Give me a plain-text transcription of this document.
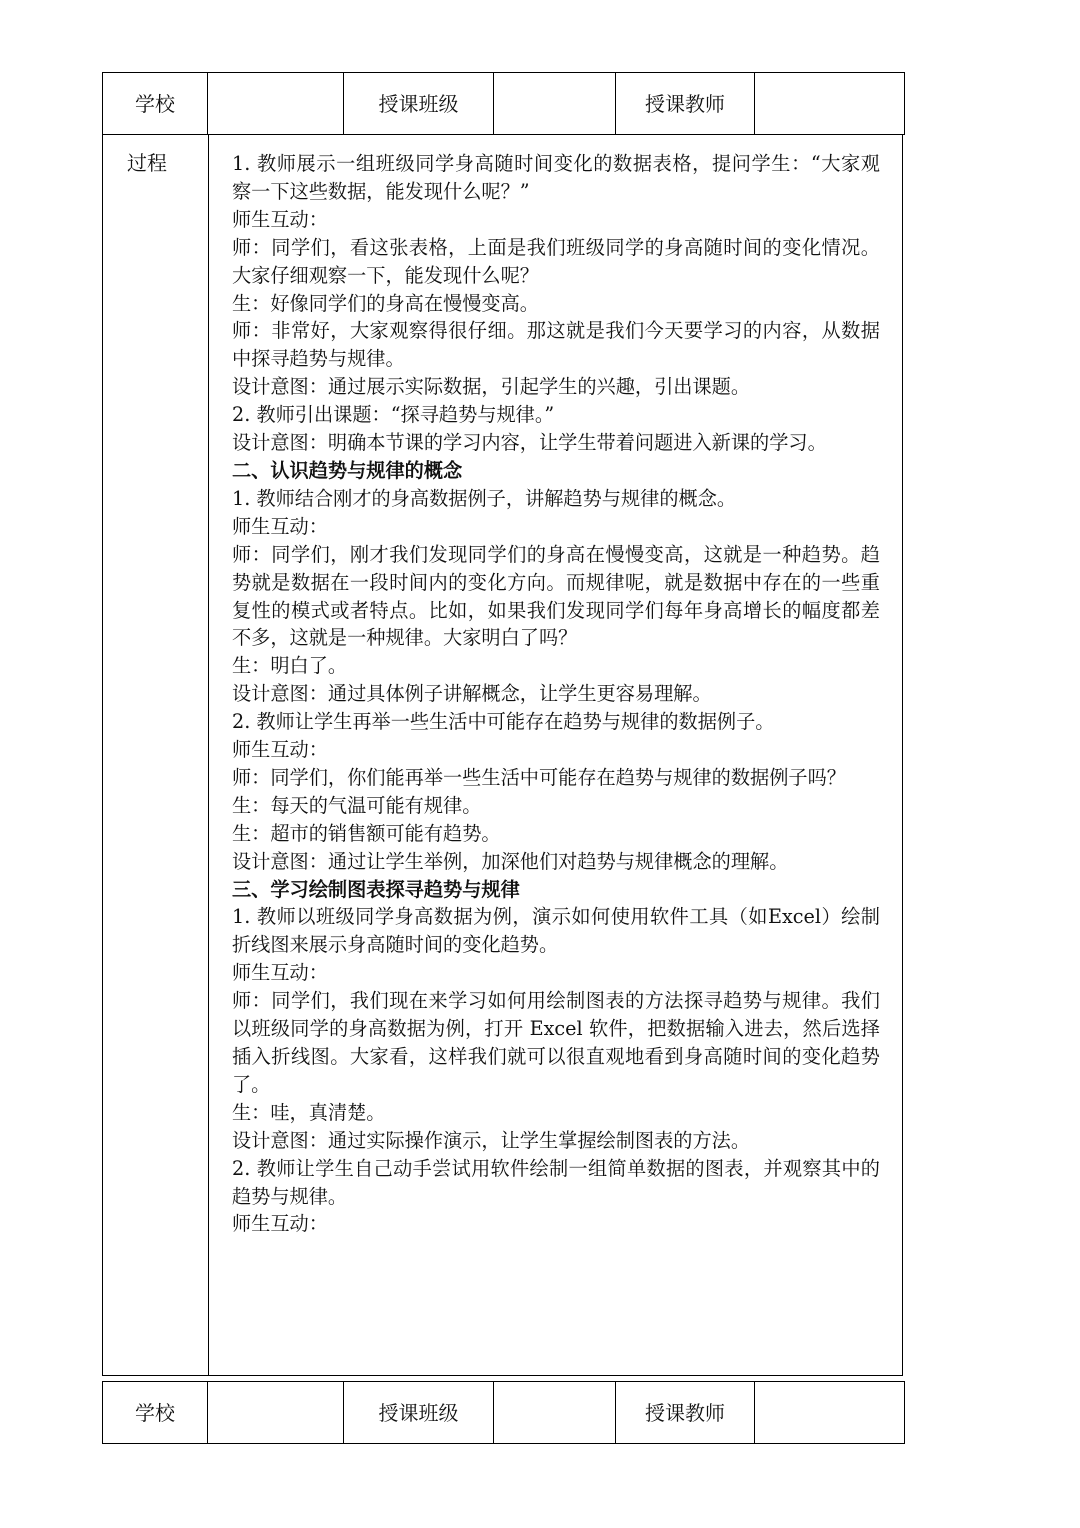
学校		授课班级		授课教师	
过程	1. 教师展示一组班级同学身高随时间变化的数据表格，提问学生：“大家观察一下这些数据，能发现什么呢？”
师生互动：
师：同学们，看这张表格，上面是我们班级同学的身高随时间的变化情况。大家仔细观察一下，能发现什么呢？
生：好像同学们的身高在慢慢变高。
师：非常好，大家观察得很仔细。那这就是我们今天要学习的内容，从数据中探寻趋势与规律。
设计意图：通过展示实际数据，引起学生的兴趣，引出课题。
2. 教师引出课题：“探寻趋势与规律。”
设计意图：明确本节课的学习内容，让学生带着问题进入新课的学习。
二、认识趋势与规律的概念
1. 教师结合刚才的身高数据例子，讲解趋势与规律的概念。
师生互动：
师：同学们，刚才我们发现同学们的身高在慢慢变高，这就是一种趋势。趋势就是数据在一段时间内的变化方向。而规律呢，就是数据中存在的一些重复性的模式或者特点。比如，如果我们发现同学们每年身高增长的幅度都差不多，这就是一种规律。大家明白了吗？
生：明白了。
设计意图：通过具体例子讲解概念，让学生更容易理解。
2. 教师让学生再举一些生活中可能存在趋势与规律的数据例子。
师生互动：
师：同学们，你们能再举一些生活中可能存在趋势与规律的数据例子吗？
生：每天的气温可能有规律。
生：超市的销售额可能有趋势。
设计意图：通过让学生举例，加深他们对趋势与规律概念的理解。
三、学习绘制图表探寻趋势与规律
1. 教师以班级同学身高数据为例，演示如何使用软件工具（如Excel）绘制折线图来展示身高随时间的变化趋势。
师生互动：
师：同学们，我们现在来学习如何用绘制图表的方法探寻趋势与规律。我们以班级同学的身高数据为例，打开 Excel 软件，把数据输入进去，然后选择插入折线图。大家看，这样我们就可以很直观地看到身高随时间的变化趋势了。
生：哇，真清楚。
设计意图：通过实际操作演示，让学生掌握绘制图表的方法。
2. 教师让学生自己动手尝试用软件绘制一组简单数据的图表，并观察其中的趋势与规律。
师生互动：
学校		授课班级		授课教师	
